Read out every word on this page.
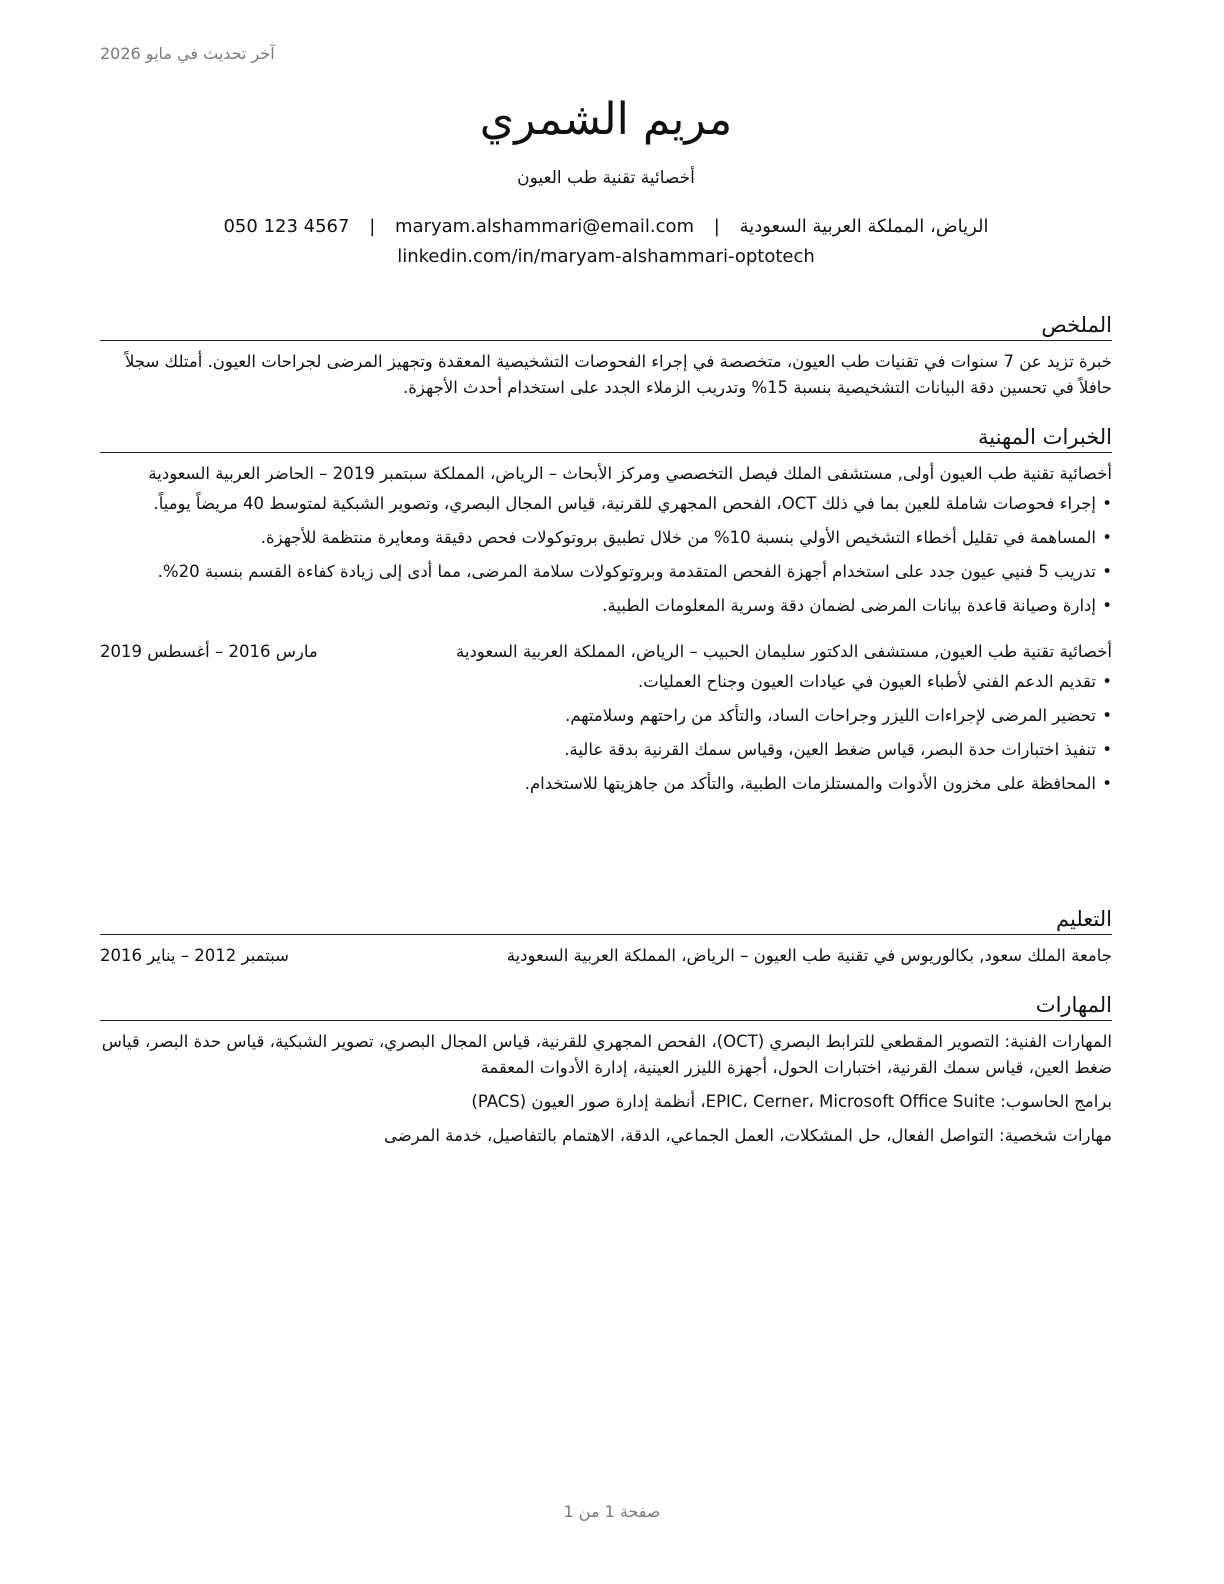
آخر تحديث في مايو 2026
مريم الشمري
أخصائية تقنية طب العيون
الرياض، المملكة العربية السعودية | maryam.alshammari@email.com | 050 123 4567
linkedin.com/in/maryam-alshammari-optotech
الملخص
خبرة تزيد عن 7 سنوات في تقنيات طب العيون، متخصصة في إجراء الفحوصات التشخيصية المعقدة وتجهيز المرضى لجراحات العيون. أمتلك سجلاً حافلاً في تحسين دقة البيانات التشخيصية بنسبة 15% وتدريب الزملاء الجدد على استخدام أحدث الأجهزة.
الخبرات المهنية
أخصائية تقنية طب العيون أولى, مستشفى الملك فيصل التخصصي ومركز الأبحاث – الرياض، المملكة سبتمبر 2019 – الحاضر العربية السعودية
• إجراء فحوصات شاملة للعين بما في ذلك OCT، الفحص المجهري للقرنية، قياس المجال البصري، وتصوير الشبكية لمتوسط 40 مريضاً يومياً.
• المساهمة في تقليل أخطاء التشخيص الأولي بنسبة 10% من خلال تطبيق بروتوكولات فحص دقيقة ومعايرة منتظمة للأجهزة.
• تدريب 5 فنيي عيون جدد على استخدام أجهزة الفحص المتقدمة وبروتوكولات سلامة المرضى، مما أدى إلى زيادة كفاءة القسم بنسبة 20%.
• إدارة وصيانة قاعدة بيانات المرضى لضمان دقة وسرية المعلومات الطبية.
أخصائية تقنية طب العيون, مستشفى الدكتور سليمان الحبيب – الرياض، المملكة العربية السعودية
مارس 2016 – أغسطس 2019
• تقديم الدعم الفني لأطباء العيون في عيادات العيون وجناح العمليات.
• تحضير المرضى لإجراءات الليزر وجراحات الساد، والتأكد من راحتهم وسلامتهم.
• تنفيذ اختبارات حدة البصر، قياس ضغط العين، وقياس سمك القرنية بدقة عالية.
• المحافظة على مخزون الأدوات والمستلزمات الطبية، والتأكد من جاهزيتها للاستخدام.
التعليم
جامعة الملك سعود, بكالوريوس في تقنية طب العيون – الرياض، المملكة العربية السعودية
سبتمبر 2012 – يناير 2016
المهارات
المهارات الفنية: التصوير المقطعي للترابط البصري (OCT)، الفحص المجهري للقرنية، قياس المجال البصري، تصوير الشبكية، قياس حدة البصر، قياس ضغط العين، قياس سمك القرنية، اختبارات الحول، أجهزة الليزر العينية، إدارة الأدوات المعقمة
برامج الحاسوب: EPIC، Cerner، Microsoft Office Suite، أنظمة إدارة صور العيون (PACS)
مهارات شخصية: التواصل الفعال، حل المشكلات، العمل الجماعي، الدقة، الاهتمام بالتفاصيل، خدمة المرضى
صفحة 1 من 1
